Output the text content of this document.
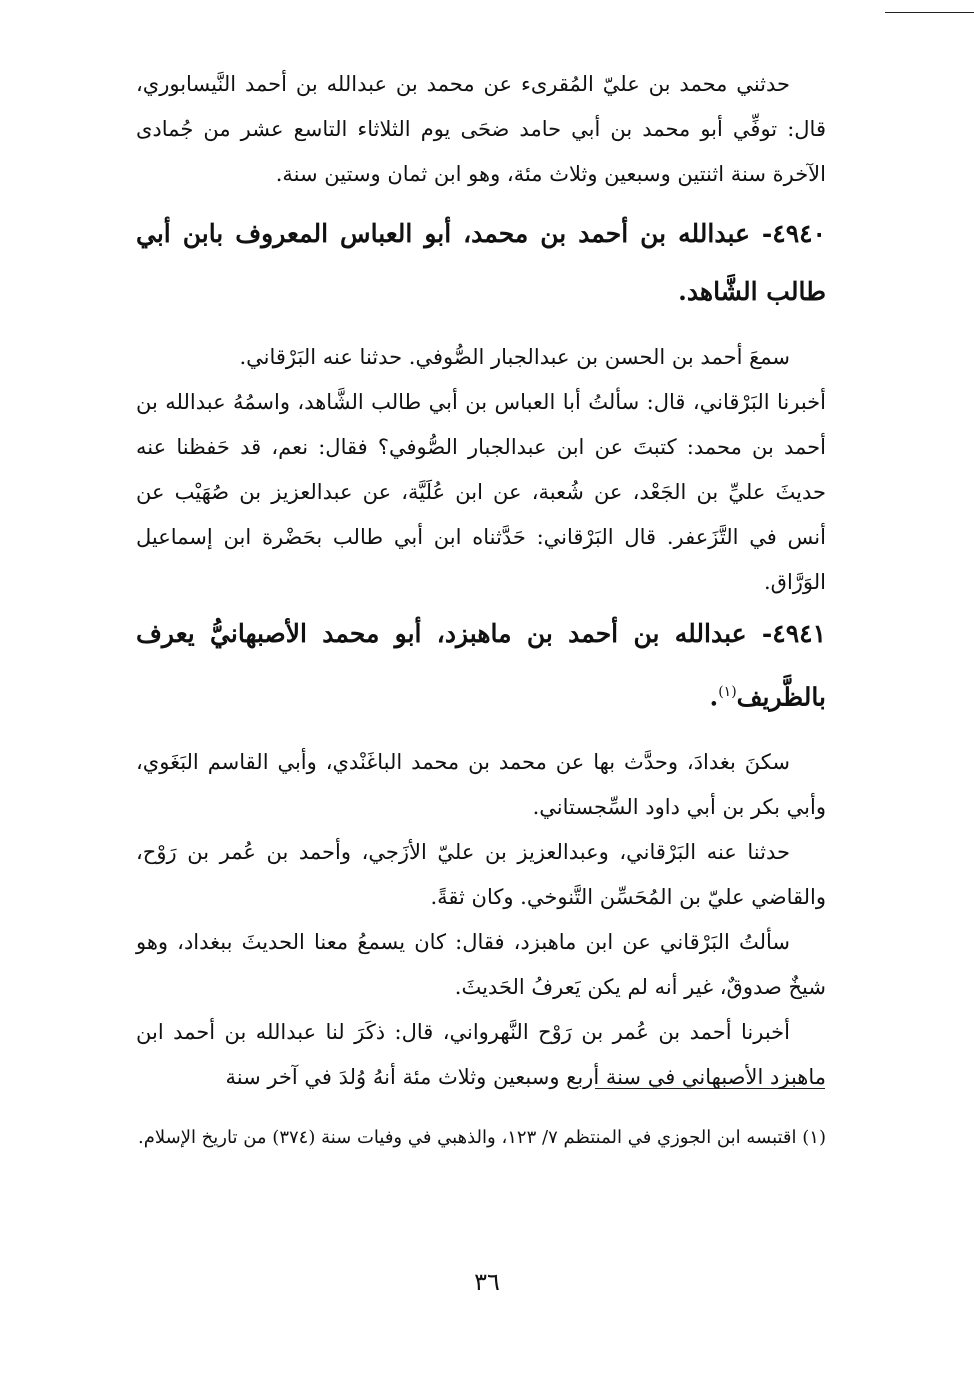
حدثني محمد بن عليّ المُقرىء عن محمد بن عبدالله بن أحمد النَّيسابوري، قال: توفِّي أبو محمد بن أبي حامد ضحَى يوم الثلاثاء التاسع عشر من جُمادى الآخرة سنة اثنتين وسبعين وثلاث مئة، وهو ابن ثمان وستين سنة.

٤٩٤٠- عبدالله بن أحمد بن محمد، أبو العباس المعروف بابن أبي طالب الشَّاهد.

سمعَ أحمد بن الحسن بن عبدالجبار الصُّوفي. حدثنا عنه البَرْقاني.

أخبرنا البَرْقاني، قال: سألتُ أبا العباس بن أبي طالب الشَّاهد، واسمُهُ عبدالله بن أحمد بن محمد: كتبتَ عن ابن عبدالجبار الصُّوفي؟ فقال: نعم، قد حَفظنا عنه حديثَ عليِّ بن الجَعْد، عن شُعبة، عن ابن عُلَيَّة، عن عبدالعزيز بن صُهَيْب عن أنس في التَّزَعفر. قال البَرْقاني: حَدَّثناه ابن أبي طالب بحَضْرة ابن إسماعيل الوَرَّاق.

٤٩٤١- عبدالله بن أحمد بن ماهبزد، أبو محمد الأصبهانيُّ يعرف بالظَّريف$^{(١)}$.

سكنَ بغدادَ، وحدَّث بها عن محمد بن محمد الباغَنْدي، وأبي القاسم البَغَوي، وأبي بكر بن أبي داود السِّجستاني.

حدثنا عنه البَرْقاني، وعبدالعزيز بن عليّ الأزَجي، وأحمد بن عُمر بن رَوْح، والقاضي عليّ بن المُحَسِّن التَّنوخي. وكان ثقةً.

سألتُ البَرْقاني عن ابن ماهبزد، فقال: كان يسمعُ معنا الحديثَ ببغداد، وهو شيخٌ صدوقٌ، غير أنه لم يكن يَعرفُ الحَديثَ.

أخبرنا أحمد بن عُمر بن رَوْح النَّهرواني، قال: ذكَرَ لنا عبدالله بن أحمد ابن ماهبزد الأصبهاني في سنة أربع وسبعين وثلاث مئة أنهُ وُلدَ في آخر سنة

(١) اقتبسه ابن الجوزي في المنتظم ٧/ ١٢٣، والذهبي في وفيات سنة (٣٧٤) من تاريخ الإسلام.

٣٦
